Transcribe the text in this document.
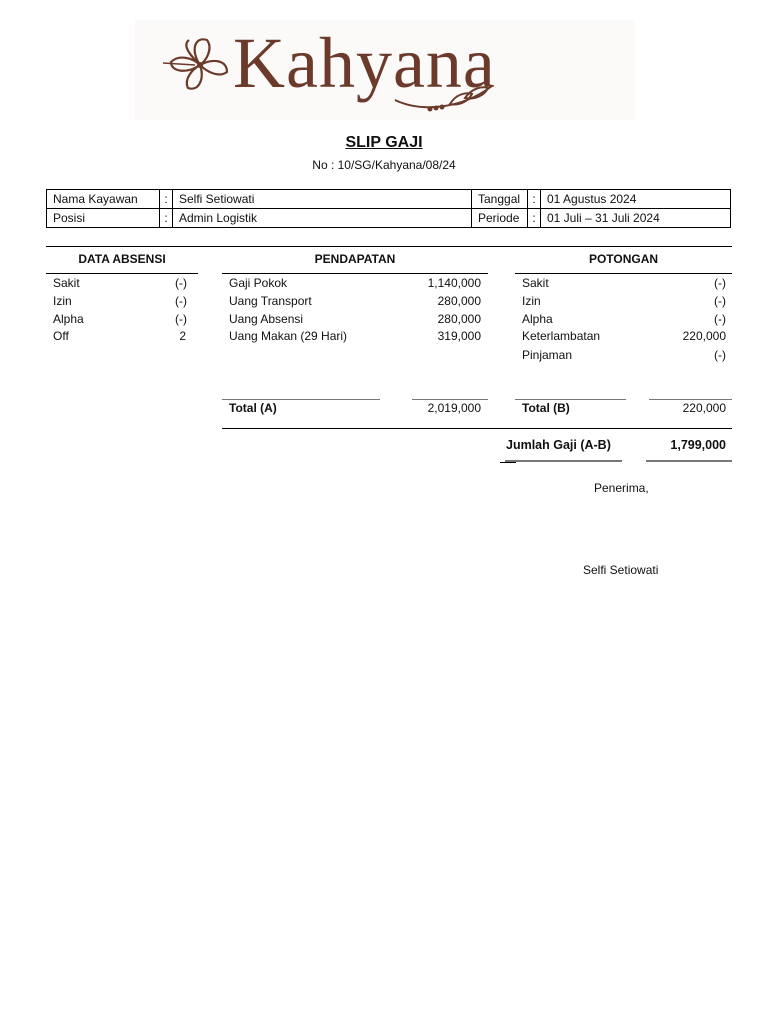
Kahyana
SLIP GAJI
No : 10/SG/Kahyana/08/24
Nama Kayawan	:	Selfi Setiowati	Tanggal	:	01 Agustus 2024
Posisi	:	Admin Logistik	Periode	:	01 Juli – 31 Juli 2024
DATA ABSENSI	PENDAPATAN	POTONGAN
Sakit	(-)
Izin	(-)
Alpha	(-)
Off	2
Gaji Pokok	1,140,000
Uang Transport	280,000
Uang Absensi	280,000
Uang Makan (29 Hari)	319,000
Sakit	(-)
Izin	(-)
Alpha	(-)
Keterlambatan	220,000
Pinjaman	(-)
Total (A)	2,019,000	Total (B)	220,000
Jumlah Gaji (A-B)	1,799,000
Penerima,
Selfi Setiowati
